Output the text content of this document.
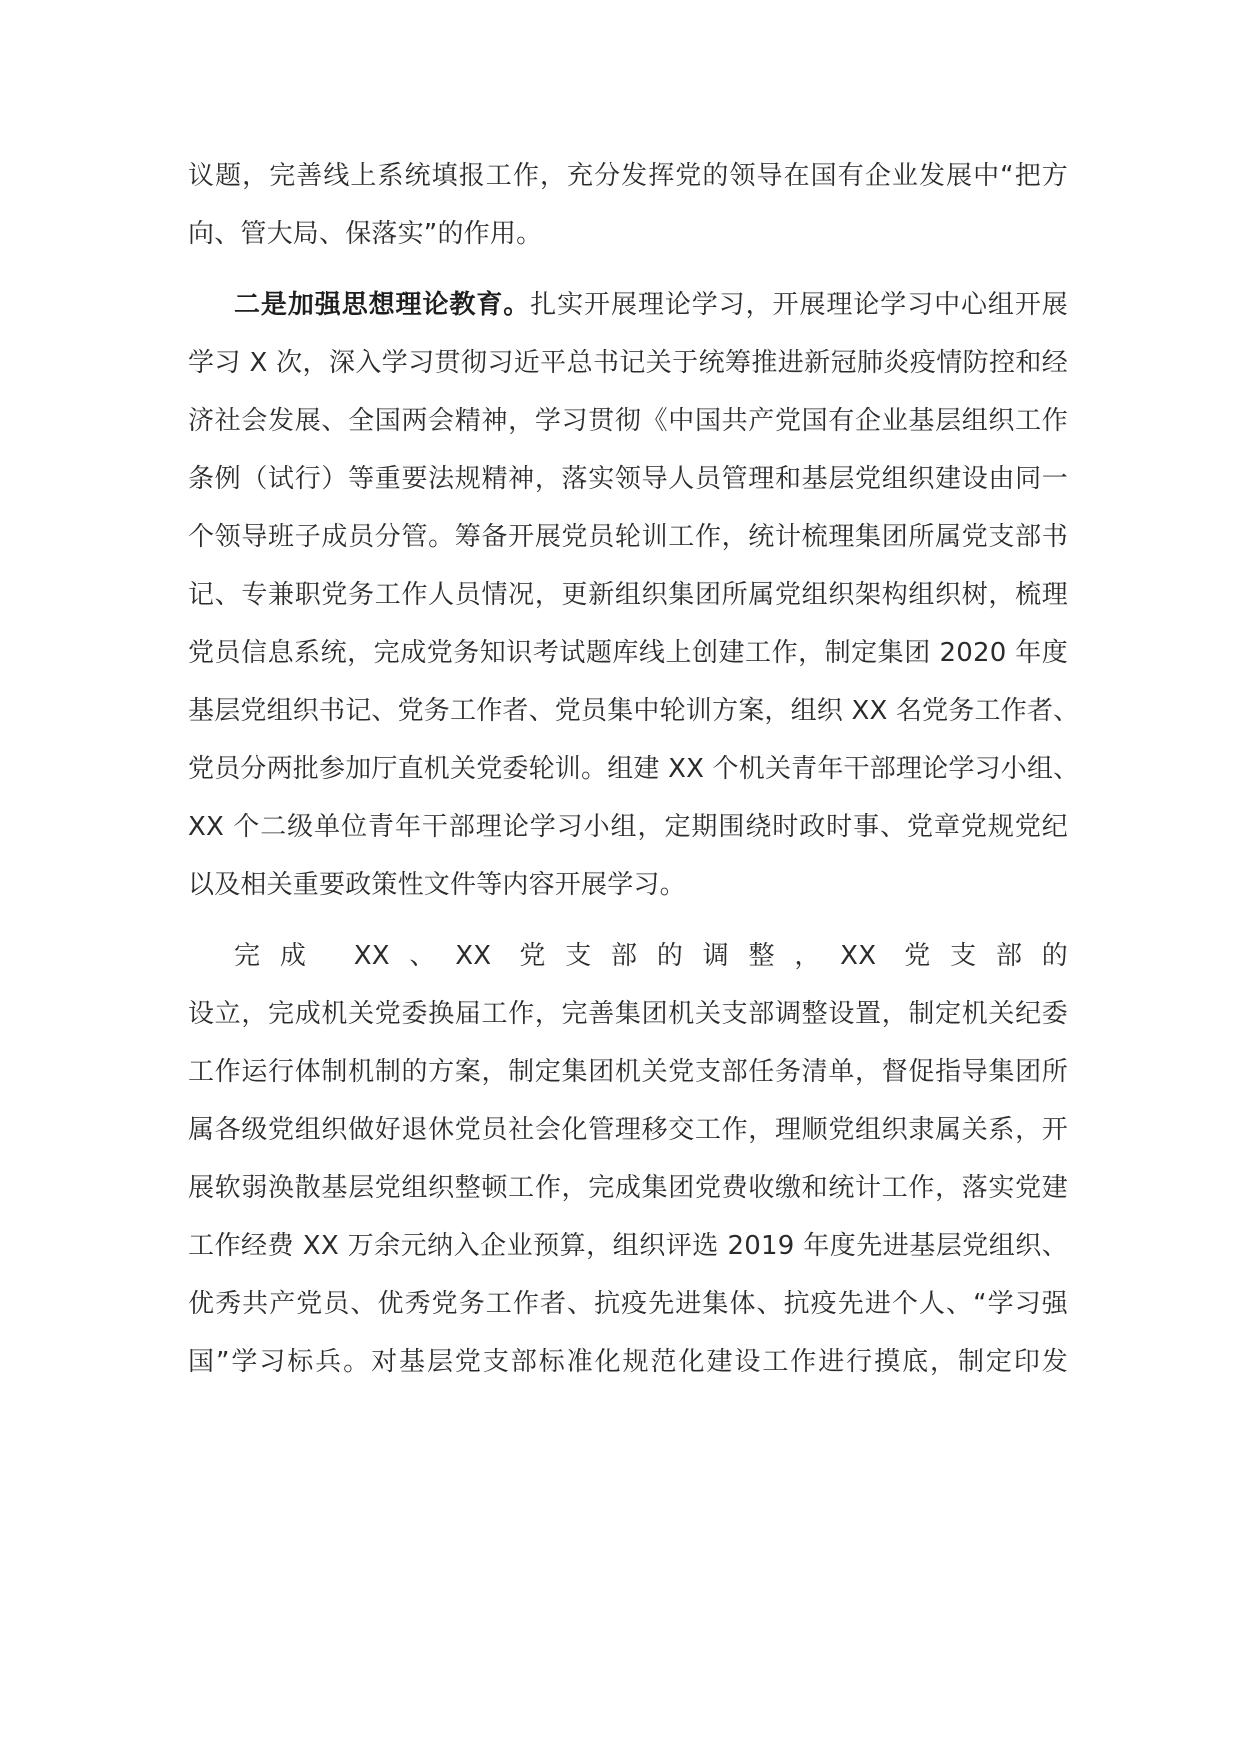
议题，完善线上系统填报工作，充分发挥党的领导在国有企业发展中“把方

向、管大局、保落实”的作用。

二是加强思想理论教育。扎实开展理论学习，开展理论学习中心组开展

学习 X 次，深入学习贯彻习近平总书记关于统筹推进新冠肺炎疫情防控和经

济社会发展、全国两会精神，学习贯彻《中国共产党国有企业基层组织工作

条例（试行）等重要法规精神，落实领导人员管理和基层党组织建设由同一

个领导班子成员分管。筹备开展党员轮训工作，统计梳理集团所属党支部书

记、专兼职党务工作人员情况，更新组织集团所属党组织架构组织树，梳理

党员信息系统，完成党务知识考试题库线上创建工作，制定集团 2020 年度

基层党组织书记、党务工作者、党员集中轮训方案，组织 XX 名党务工作者、

党员分两批参加厅直机关党委轮训。组建 XX 个机关青年干部理论学习小组、

XX 个二级单位青年干部理论学习小组，定期围绕时政时事、党章党规党纪

以及相关重要政策性文件等内容开展学习。

完成 XX、XX 党支部的调整，XX 党支部的

设立，完成机关党委换届工作，完善集团机关支部调整设置，制定机关纪委

工作运行体制机制的方案，制定集团机关党支部任务清单，督促指导集团所

属各级党组织做好退休党员社会化管理移交工作，理顺党组织隶属关系，开

展软弱涣散基层党组织整顿工作，完成集团党费收缴和统计工作，落实党建

工作经费 XX 万余元纳入企业预算，组织评选 2019 年度先进基层党组织、

优秀共产党员、优秀党务工作者、抗疫先进集体、抗疫先进个人、“学习强

国”学习标兵。对基层党支部标准化规范化建设工作进行摸底，制定印发
